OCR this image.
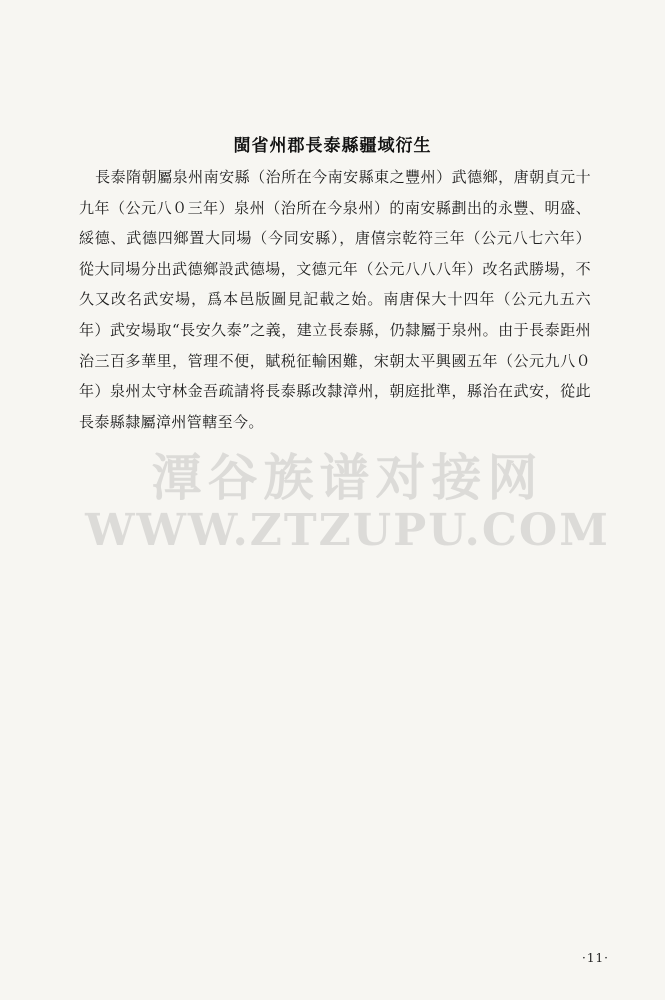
閩省州郡長泰縣疆域衍生
長泰隋朝屬泉州南安縣（治所在今南安縣東之豐州）武德鄉，唐朝貞元十九年（公元八０三年）泉州（治所在今泉州）的南安縣劃出的永豐、明盛、綏德、武德四鄉置大同場（今同安縣），唐僖宗乾符三年（公元八七六年）從大同場分出武德鄉設武德場，文德元年（公元八八八年）改名武勝場，不久又改名武安場，爲本邑版圖見記載之始。南唐保大十四年（公元九五六年）武安場取“長安久泰”之義，建立長泰縣，仍隸屬于泉州。由于長泰距州治三百多華里，管理不便，賦税征輸困難，宋朝太平興國五年（公元九八０年）泉州太守林金吾疏請将長泰縣改隸漳州，朝庭批準，縣治在武安，從此長泰縣隸屬漳州管轄至今。
潭谷族谱对接网
WWW.ZTZUPU.COM
·11·
